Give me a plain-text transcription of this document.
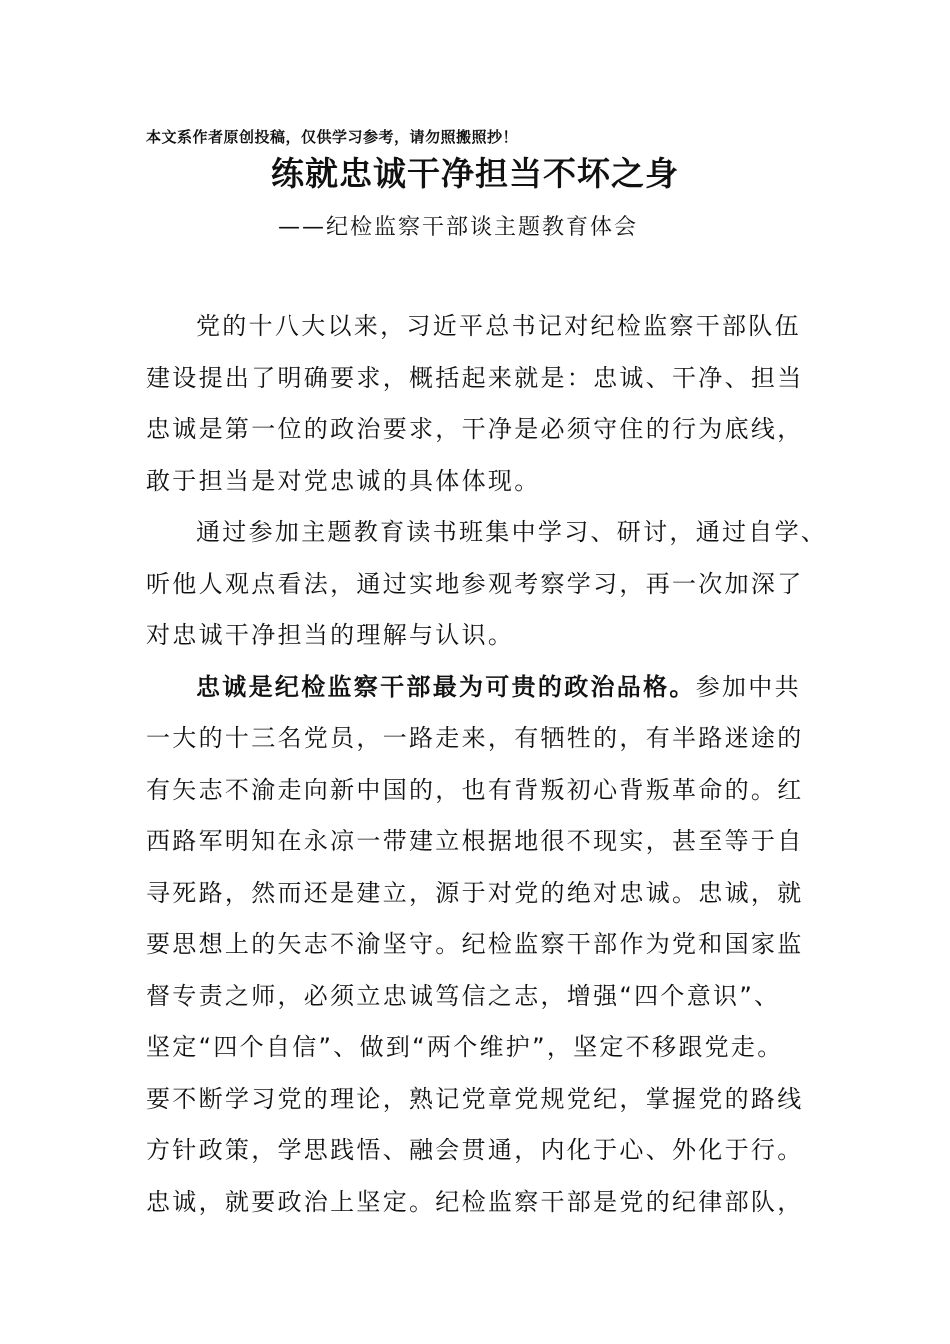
本文系作者原创投稿，仅供学习参考，请勿照搬照抄！
练就忠诚干净担当不坏之身
——纪检监察干部谈主题教育体会
党的十八大以来，习近平总书记对纪检监察干部队伍
建设提出了明确要求，概括起来就是：忠诚、干净、担当
忠诚是第一位的政治要求，干净是必须守住的行为底线，
敢于担当是对党忠诚的具体体现。
通过参加主题教育读书班集中学习、研讨，通过自学、
听他人观点看法，通过实地参观考察学习，再一次加深了
对忠诚干净担当的理解与认识。
忠诚是纪检监察干部最为可贵的政治品格。参加中共
一大的十三名党员，一路走来，有牺牲的，有半路迷途的
有矢志不渝走向新中国的，也有背叛初心背叛革命的。红
西路军明知在永凉一带建立根据地很不现实，甚至等于自
寻死路，然而还是建立，源于对党的绝对忠诚。忠诚，就
要思想上的矢志不渝坚守。纪检监察干部作为党和国家监
督专责之师，必须立忠诚笃信之志，增强“四个意识”、
坚定“四个自信”、做到“两个维护”，坚定不移跟党走。
要不断学习党的理论，熟记党章党规党纪，掌握党的路线
方针政策，学思践悟、融会贯通，内化于心、外化于行。
忠诚，就要政治上坚定。纪检监察干部是党的纪律部队，
